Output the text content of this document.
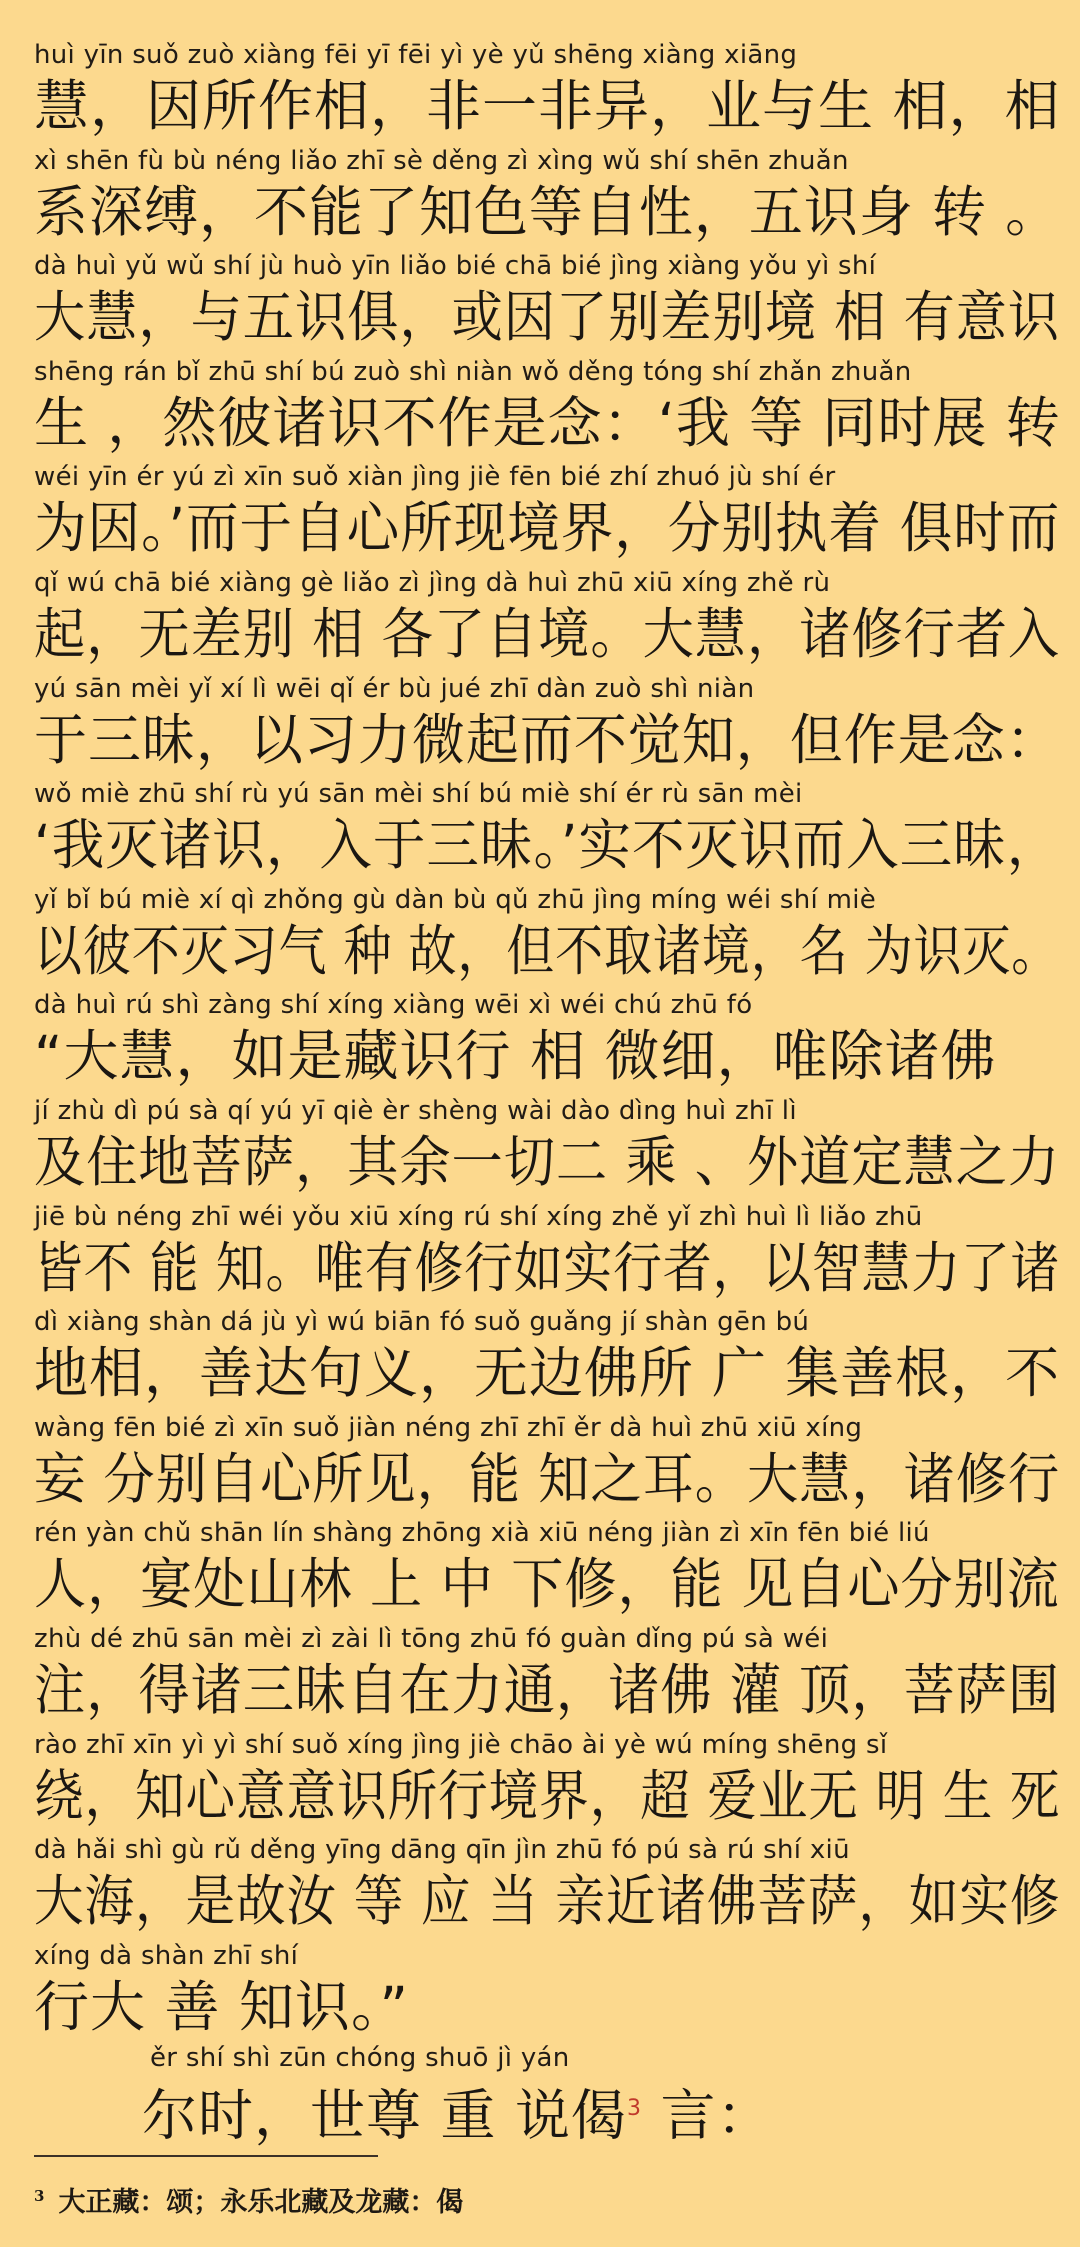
huì yīn suǒ zuò xiàng fēi yī fēi yì yè yǔ shēng xiàng xiāng
慧，因所作相，非一非异，业与生 相，相
xì shēn fù bù néng liǎo zhī sè děng zì xìng wǔ shí shēn zhuǎn
系深缚，不能了知色等自性，五识身 转 。
dà huì yǔ wǔ shí jù huò yīn liǎo bié chā bié jìng xiàng yǒu yì shí
大慧，与五识俱，或因了别差别境 相 有意识
shēng rán bǐ zhū shí bú zuò shì niàn wǒ děng tóng shí zhǎn zhuǎn
生 ，然彼诸识不作是念：‘我 等 同时展 转
wéi yīn ér yú zì xīn suǒ xiàn jìng jiè fēn bié zhí zhuó jù shí ér
为因。’而于自心所现境界，分别执着 俱时而
qǐ wú chā bié xiàng gè liǎo zì jìng dà huì zhū xiū xíng zhě rù
起，无差别 相 各了自境。大慧，诸修行者入
yú sān mèi yǐ xí lì wēi qǐ ér bù jué zhī dàn zuò shì niàn
于三昧，以习力微起而不觉知，但作是念：
wǒ miè zhū shí rù yú sān mèi shí bú miè shí ér rù sān mèi
‘我灭诸识，入于三昧。’实不灭识而入三昧，
yǐ bǐ bú miè xí qì zhǒng gù dàn bù qǔ zhū jìng míng wéi shí miè
以彼不灭习气 种 故，但不取诸境，名 为识灭。
dà huì rú shì zàng shí xíng xiàng wēi xì wéi chú zhū fó
“大慧，如是藏识行 相 微细，唯除诸佛
jí zhù dì pú sà qí yú yī qiè èr shèng wài dào dìng huì zhī lì
及住地菩萨，其余一切二 乘 、外道定慧之力
jiē bù néng zhī wéi yǒu xiū xíng rú shí xíng zhě yǐ zhì huì lì liǎo zhū
皆不 能 知。唯有修行如实行者，以智慧力了诸
dì xiàng shàn dá jù yì wú biān fó suǒ guǎng jí shàn gēn bú
地相，善达句义，无边佛所 广 集善根，不
wàng fēn bié zì xīn suǒ jiàn néng zhī zhī ěr dà huì zhū xiū xíng
妄 分别自心所见，能 知之耳。大慧，诸修行
rén yàn chǔ shān lín shàng zhōng xià xiū néng jiàn zì xīn fēn bié liú
人，宴处山林 上 中 下修，能 见自心分别流
zhù dé zhū sān mèi zì zài lì tōng zhū fó guàn dǐng pú sà wéi
注，得诸三昧自在力通，诸佛 灌 顶，菩萨围
rào zhī xīn yì yì shí suǒ xíng jìng jiè chāo ài yè wú míng shēng sǐ
绕，知心意意识所行境界，超 爱业无 明 生 死
dà hǎi shì gù rǔ děng yīng dāng qīn jìn zhū fó pú sà rú shí xiū
大海，是故汝 等 应 当 亲近诸佛菩萨，如实修
xíng dà shàn zhī shí
行大 善 知识。”
ěr shí shì zūn chóng shuō jì yán
尔时，世尊 重 说偈$^3$ 言：
$^3$ 大正藏：颂；永乐北藏及龙藏：偈
